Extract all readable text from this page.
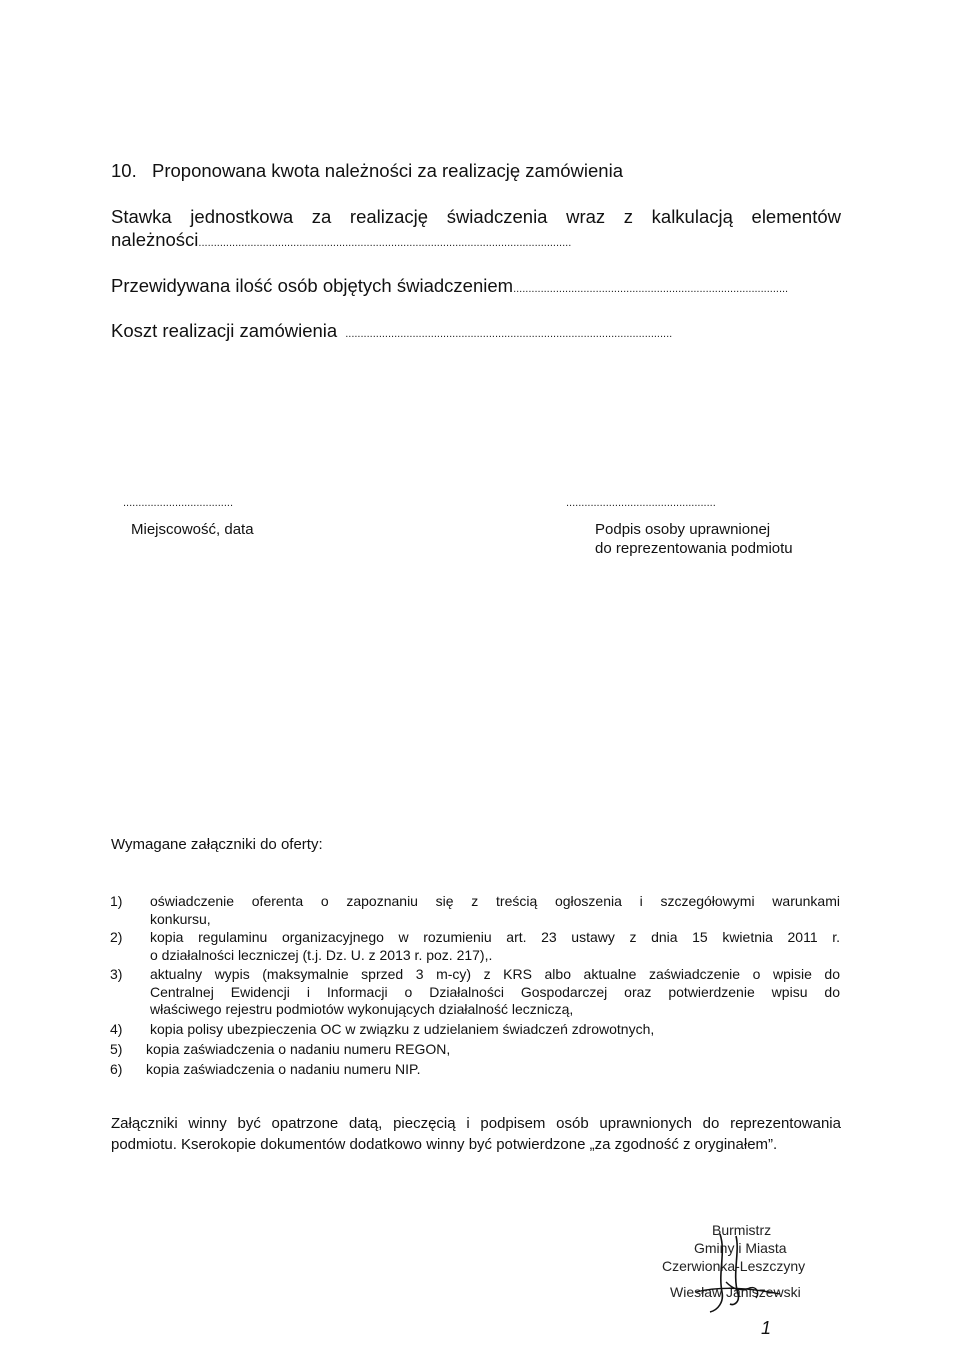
10. Proponowana kwota należności za realizację zamówienia
Stawka jednostkowa za realizację świadczenia wraz z kalkulacją elementów
należności ..........................................................................................................................
Przewidywana ilość osób objętych świadczeniem ..........................................................................................
Koszt realizacji zamówienia ...........................................................................................................
....................................
Miejscowość, data
.................................................
Podpis osoby uprawnionej
do reprezentowania podmiotu
Wymagane załączniki do oferty:
1) oświadczenie oferenta o zapoznaniu się z treścią ogłoszenia i szczegółowymi warunkami
konkursu,
2) kopia regulaminu organizacyjnego w rozumieniu art. 23 ustawy z dnia 15 kwietnia 2011 r.
o działalności leczniczej (t.j. Dz. U. z 2013 r. poz. 217),.
3) aktualny wypis (maksymalnie sprzed 3 m-cy) z KRS albo aktualne zaświadczenie o wpisie do
Centralnej Ewidencji i Informacji o Działalności Gospodarczej oraz potwierdzenie wpisu do
właściwego rejestru podmiotów wykonujących działalność leczniczą,
4) kopia polisy ubezpieczenia OC w związku z udzielaniem świadczeń zdrowotnych,
5) kopia zaświadczenia o nadaniu numeru REGON,
6) kopia zaświadczenia o nadaniu numeru NIP.
Załączniki winny być opatrzone datą, pieczęcią i podpisem osób uprawnionych do reprezentowania
podmiotu. Kserokopie dokumentów dodatkowo winny być potwierdzone „za zgodność z oryginałem”.
Burmistrz
Gminy i Miasta
Czerwionka-Leszczyny
Wiesław Janiszewski
1
